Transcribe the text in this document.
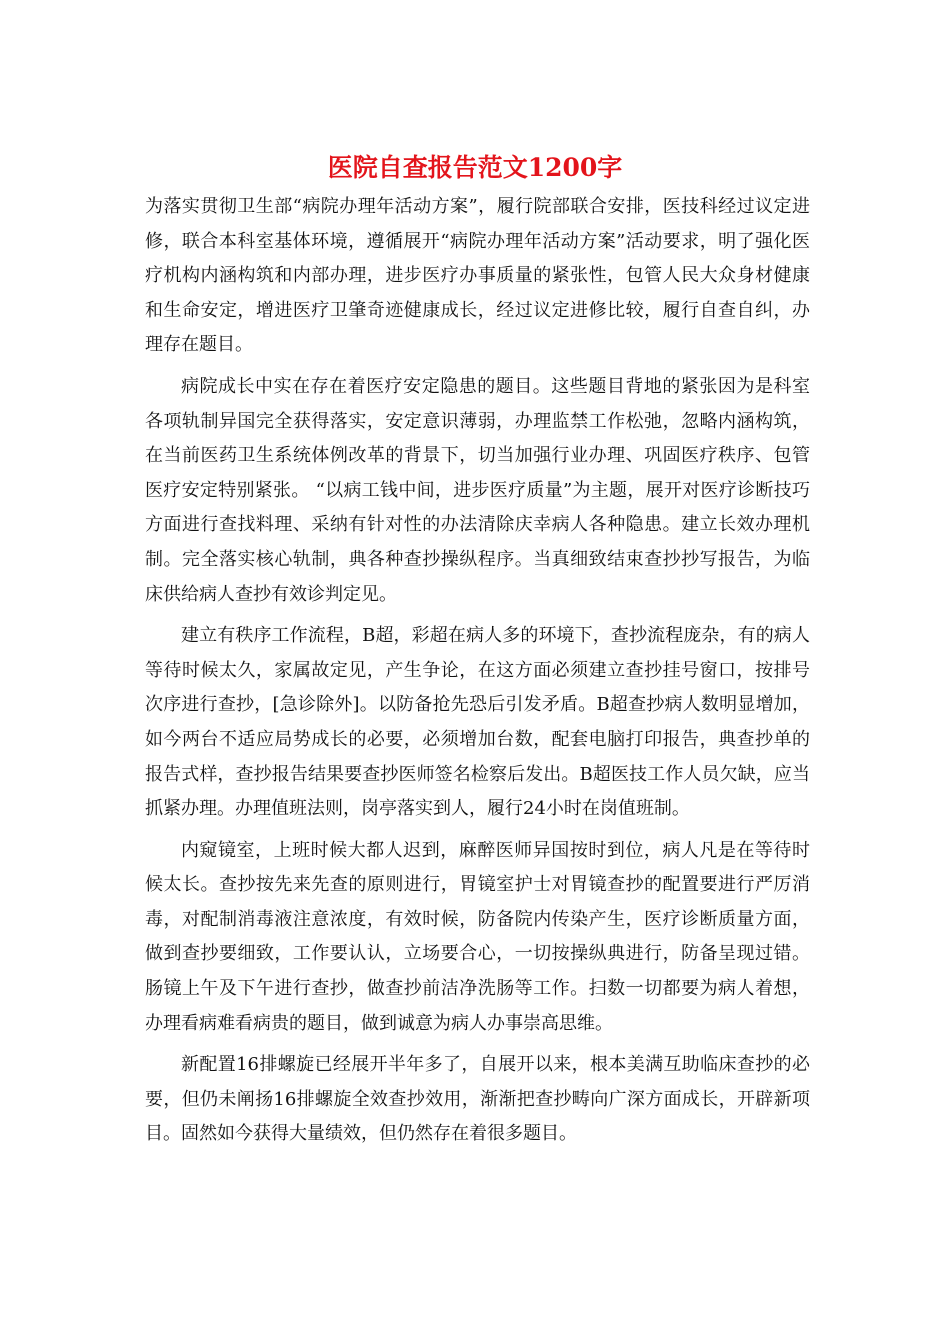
医院自查报告范文1200字

为落实贯彻卫生部“病院办理年活动方案”，履行院部联合安排，医技科经过议定进修，联合本科室基体环境，遵循展开“病院办理年活动方案”活动要求，明了强化医疗机构内涵构筑和内部办理，进步医疗办事质量的紧张性，包管人民大众身材健康和生命安定，增进医疗卫肇奇迹健康成长，经过议定进修比较，履行自查自纠，办理存在题目。

病院成长中实在存在着医疗安定隐患的题目。这些题目背地的紧张因为是科室各项轨制异国完全获得落实，安定意识薄弱，办理监禁工作松弛，忽略内涵构筑，在当前医药卫生系统体例改革的背景下，切当加强行业办理、巩固医疗秩序、包管医疗安定特别紧张。 “以病工钱中间，进步医疗质量”为主题，展开对医疗诊断技巧方面进行查找料理、采纳有针对性的办法清除庆幸病人各种隐患。建立长效办理机制。完全落实核心轨制，典各种查抄操纵程序。当真细致结束查抄抄写报告，为临床供给病人查抄有效诊判定见。

建立有秩序工作流程，B超，彩超在病人多的环境下，查抄流程庞杂，有的病人等待时候太久，家属故定见，产生争论，在这方面必须建立查抄挂号窗口，按排号次序进行查抄，[急诊除外]。以防备抢先恐后引发矛盾。B超查抄病人数明显增加，如今两台不适应局势成长的必要，必须增加台数，配套电脑打印报告，典查抄单的报告式样，查抄报告结果要查抄医师签名检察后发出。B超医技工作人员欠缺，应当抓紧办理。办理值班法则，岗亭落实到人，履行24小时在岗值班制。

内窥镜室，上班时候大都人迟到，麻醉医师异国按时到位，病人凡是在等待时候太长。查抄按先来先查的原则进行，胃镜室护士对胃镜查抄的配置要进行严厉消毒，对配制消毒液注意浓度，有效时候，防备院内传染产生，医疗诊断质量方面，做到查抄要细致，工作要认认，立场要合心，一切按操纵典进行，防备呈现过错。肠镜上午及下午进行查抄，做查抄前洁净洗肠等工作。扫数一切都要为病人着想，办理看病难看病贵的题目，做到诚意为病人办事崇高思维。

新配置16排螺旋已经展开半年多了，自展开以来，根本美满互助临床查抄的必要，但仍未阐扬16排螺旋全效查抄效用，渐渐把查抄畴向广深方面成长，开辟新项目。固然如今获得大量绩效，但仍然存在着很多题目。
